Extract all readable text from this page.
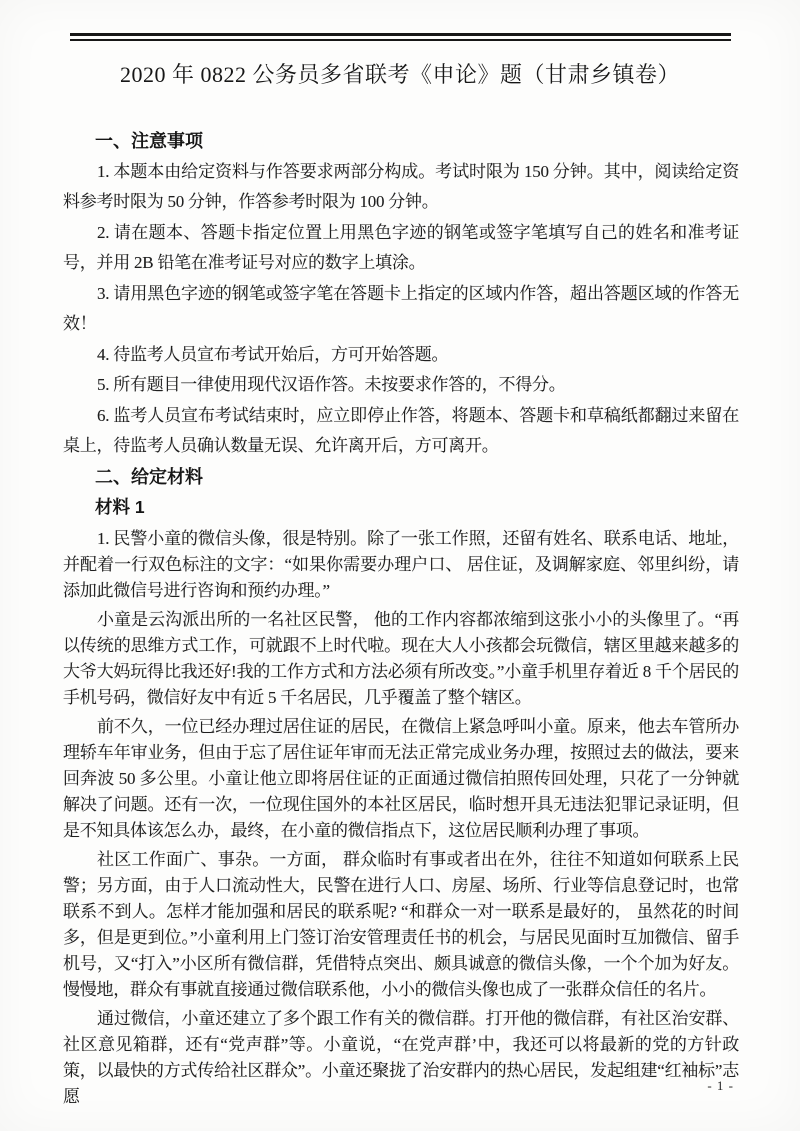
2020 年 0822 公务员多省联考《申论》题（甘肃乡镇卷）
一、注意事项

1. 本题本由给定资料与作答要求两部分构成。考试时限为 150 分钟。其中，阅读给定资料参考时限为 50 分钟，作答参考时限为 100 分钟。

2. 请在题本、答题卡指定位置上用黑色字迹的钢笔或签字笔填写自己的姓名和准考证号，并用 2B 铅笔在准考证号对应的数字上填涂。

3. 请用黑色字迹的钢笔或签字笔在答题卡上指定的区域内作答，超出答题区域的作答无效！

4. 待监考人员宣布考试开始后，方可开始答题。

5. 所有题目一律使用现代汉语作答。未按要求作答的，不得分。

6. 监考人员宣布考试结束时，应立即停止作答，将题本、答题卡和草稿纸都翻过来留在桌上，待监考人员确认数量无误、允许离开后，方可离开。

二、给定材料
材料 1

1. 民警小童的微信头像，很是特别。除了一张工作照，还留有姓名、联系电话、地址，并配着一行双色标注的文字：“如果你需要办理户口、 居住证，及调解家庭、邻里纠纷，请添加此微信号进行咨询和预约办理。”

小童是云沟派出所的一名社区民警， 他的工作内容都浓缩到这张小小的头像里了。“再以传统的思维方式工作，可就跟不上时代啦。现在大人小孩都会玩微信，辖区里越来越多的大爷大妈玩得比我还好!我的工作方式和方法必须有所改变。”小童手机里存着近 8 千个居民的手机号码，微信好友中有近 5 千名居民，几乎覆盖了整个辖区。

前不久，一位已经办理过居住证的居民，在微信上紧急呼叫小童。原来，他去车管所办理轿车年审业务，但由于忘了居住证年审而无法正常完成业务办理，按照过去的做法，要来回奔波 50 多公里。小童让他立即将居住证的正面通过微信拍照传回处理，只花了一分钟就解决了问题。还有一次，一位现住国外的本社区居民，临时想开具无违法犯罪记录证明，但是不知具体该怎么办，最终，在小童的微信指点下，这位居民顺利办理了事项。

社区工作面广、事杂。一方面， 群众临时有事或者出在外，往往不知道如何联系上民警；另方面，由于人口流动性大，民警在进行人口、房屋、场所、行业等信息登记时，也常联系不到人。怎样才能加强和居民的联系呢? “和群众一对一联系是最好的， 虽然花的时间多，但是更到位。”小童利用上门签订治安管理责任书的机会，与居民见面时互加微信、留手机号，又“打入”小区所有微信群，凭借特点突出、颇具诚意的微信头像，一个个加为好友。慢慢地，群众有事就直接通过微信联系他，小小的微信头像也成了一张群众信任的名片。

通过微信，小童还建立了多个跟工作有关的微信群。打开他的微信群，有社区治安群、社区意见箱群，还有“党声群”等。小童说，“在党声群’中，我还可以将最新的党的方针政策，以最快的方式传给社区群众”。小童还聚拢了治安群内的热心居民，发起组建“红袖标”志愿

- 1 -
